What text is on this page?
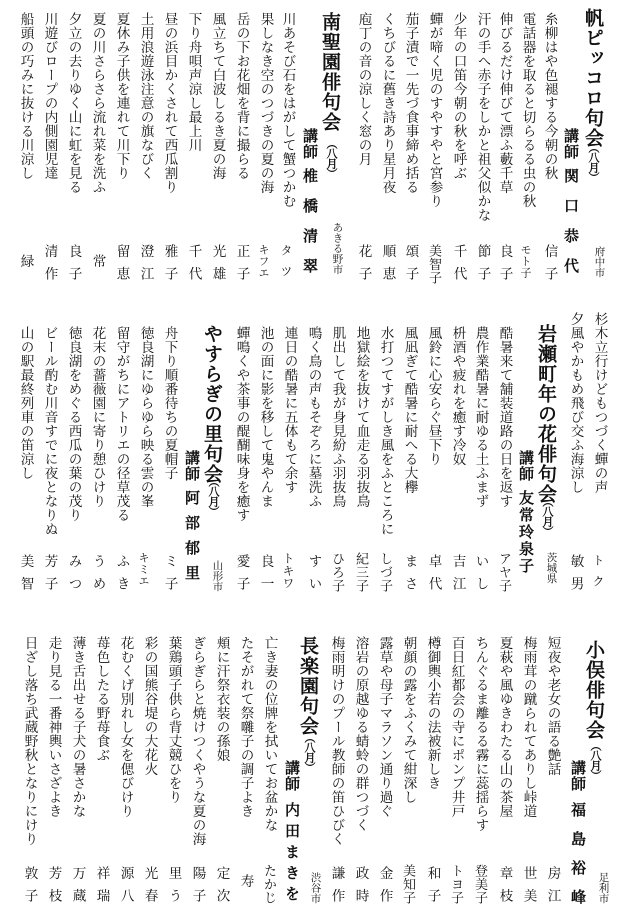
帆ピッコロ句会
（八月）
府中市
講師関口恭代
糸柳はや色褪する今朝の秋
信子
電話器を取ると切らるる虫の秋
モト子
伸びるだけ伸びて漂ふ藪千草
良子
汗の手へ赤子をしかと祖父似かな
節子
少年の口笛今朝の秋を呼ぶ
千代
蟬が啼く児のすやすやと宮参り
美智子
茄子漬で一先づ食事締め括る
頌子
くちびるに舊き詩あり星月夜
順恵
庖丁の音の涼しく窓の月
花子
南聖園俳句会
（八月）
あきる野市
講師椎橋清翠
川あそび石をはがして蟹つかむ
タツ
果しなき空のつづきの夏の海
キフエ
岳の下お花畑を背に撮らる
正子
風立ちて白波しるき夏の海
光雄
下り舟唄声涼し最上川
千代
昼の浜目かくされて西瓜割り
雅子
土用浪遊泳注意の旗なびく
澄江
夏休み子供を連れて川下り
留恵
夏の川さらさら流れ菜を洗ふ
常
夕立の去りゆく山に虹を見る
良子
川遊びロープの内側園児達
清作
船頭の巧みに抜ける川涼し
緑
杉木立行けどもつづく蟬の声
トク
夕風やかもめ飛び交ふ海涼し
敏男
岩瀬町年の花俳句会
（八月）
茨城県
講師友常玲泉子
酷暑来て舗装道路の日を返す
アヤ子
農作業酷暑に耐ゆる土ふまず
いし
枡酒や疲れを癒す冷奴
吉江
風鈴に心安らぐ昼下り
卓代
風凪ぎて酷暑に耐へる大欅
まさ
水打つてすがしき風をふところに
しづ子
地獄絵を抜けて血走る羽抜鳥
紀三子
肌出して我が身見紛ふ羽抜鳥
ひろ子
鳴く鳥の声もそぞろに墓洗ふ
すい
連日の酷暑に五体もて余す
トキワ
池の面に影を移して鬼やんま
良一
蟬鳴くや茶事の醍醐味身を癒す
愛子
やすらぎの里句会
（八月）
山形市
講師阿部郁里
舟下り順番待ちの夏帽子
ミ子
徳良湖にゆらゆら映る雲の峯
キミエ
留守がちにアトリエの径草茂る
ふき
花末の薔薇園に寄り憩ひけり
うめ
徳良湖をめぐる西瓜の葉の茂り
みつ
ビール酌む川音すでに夜となりぬ
芳子
山の駅最終列車の笛涼し
美智
小俣俳句会
（八月）
足利市
講師福島裕峰
短夜や老女の語る艶話
房江
梅雨茸の蹴られてありし峠道
世美
夏萩や風ゆきわたる山の茶屋
章枝
ちんぐるま離るる霧に蕊揺らす
登美子
百日紅都会の寺にポンプ井戸
トヨ子
樽御輿小若の法被新しき
和子
朝顔の露をふくみて紺深し
美知子
露草や母子マラソン通り過ぐ
金作
溶岩の原越ゆる蜻蛉の群つづく
政時
梅雨明けのプール教師の笛ひびく
謙作
長楽園句会
（八月）
渋谷市
講師内田まきを
亡き妻の位牌を拭いてお盆かな
たかじ
たそがれて祭囃子の調子よき
寿
頬に汗祭衣装の孫娘
定次
ぎらぎらと焼けつくやうな夏の海
陽子
葉鶏頭子供ら背丈競ひをり
里う
彩の国熊谷堤の大花火
光春
花むくげ別れし女を偲びけり
源八
苺色したる野苺食ぶ
祥瑞
薄き舌出せる子犬の暑さかな
万蔵
走り見る一番神輿いさざよき
芳枝
日ざし落ち武蔵野秋となりにけり
敦子
